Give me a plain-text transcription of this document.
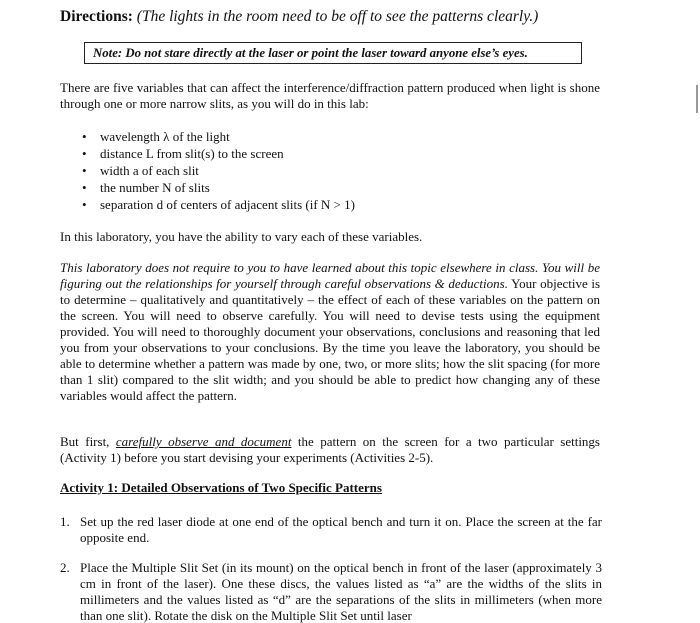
Directions: (The lights in the room need to be off to see the patterns clearly.)
Note: Do not stare directly at the laser or point the laser toward anyone else’s eyes.
There are five variables that can affect the interference/diffraction pattern produced when light is shone through one or more narrow slits, as you will do in this lab:
• wavelength λ of the light
• distance L from slit(s) to the screen
• width a of each slit
• the number N of slits
• separation d of centers of adjacent slits (if N > 1)
In this laboratory, you have the ability to vary each of these variables.
This laboratory does not require to you to have learned about this topic elsewhere in class. You will be figuring out the relationships for yourself through careful observations & deductions. Your objective is to determine – qualitatively and quantitatively – the effect of each of these variables on the pattern on the screen. You will need to observe carefully. You will need to devise tests using the equipment provided. You will need to thoroughly document your observations, conclusions and reasoning that led you from your observations to your conclusions. By the time you leave the laboratory, you should be able to determine whether a pattern was made by one, two, or more slits; how the slit spacing (for more than 1 slit) compared to the slit width; and you should be able to predict how changing any of these variables would affect the pattern.
But first, carefully observe and document the pattern on the screen for a two particular settings (Activity 1) before you start devising your experiments (Activities 2-5).
Activity 1: Detailed Observations of Two Specific Patterns
1. Set up the red laser diode at one end of the optical bench and turn it on. Place the screen at the far opposite end.
2. Place the Multiple Slit Set (in its mount) on the optical bench in front of the laser (approximately 3 cm in front of the laser). One these discs, the values listed as “a” are the widths of the slits in millimeters and the values listed as “d” are the separations of the slits in millimeters (when more than one slit). Rotate the disk on the Multiple Slit Set until laser
